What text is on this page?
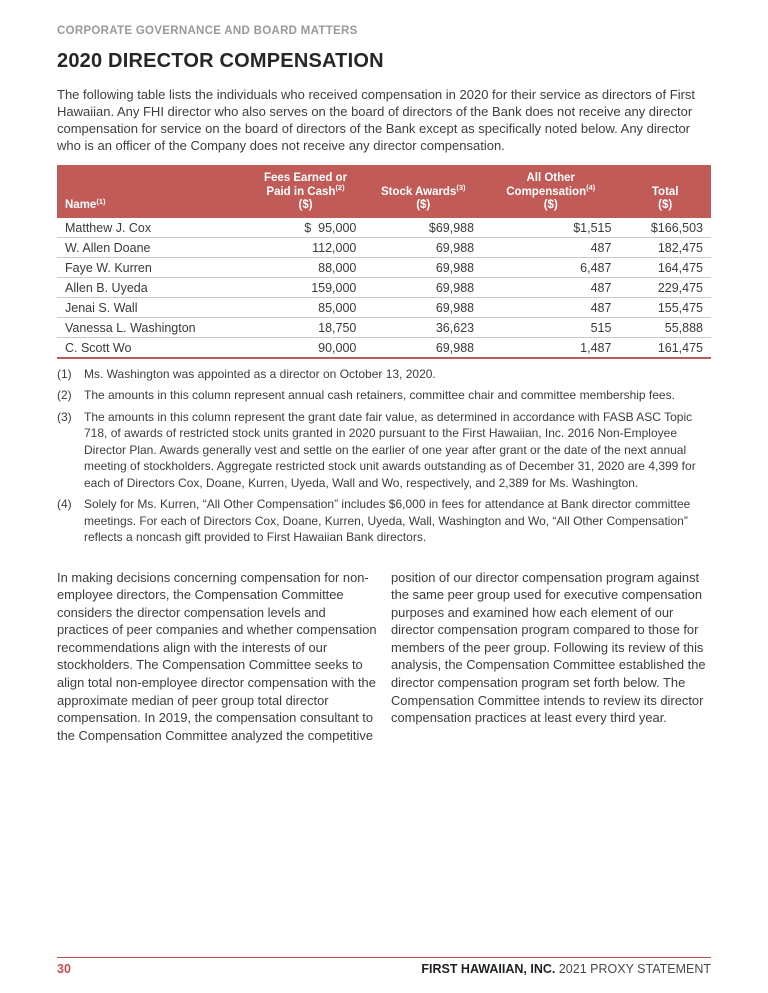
CORPORATE GOVERNANCE AND BOARD MATTERS
2020 DIRECTOR COMPENSATION

The following table lists the individuals who received compensation in 2020 for their service as directors of First Hawaiian. Any FHI director who also serves on the board of directors of the Bank does not receive any director compensation for service on the board of directors of the Bank except as specifically noted below. Any director who is an officer of the Company does not receive any director compensation.

Name$^{(1)}$	
Fees Earned or
Paid in Cash$^{(2)}$
($)

Stock Awards$^{(3)}$
($)

All Other
Compensation$^{(4)}$
($)

Total
($)

Matthew J. Cox	$  95,000	$69,988	$1,515	$166,503
W. Allen Doane	112,000	69,988	487	182,475
Faye W. Kurren	88,000	69,988	6,487	164,475
Allen B. Uyeda	159,000	69,988	487	229,475
Jenai S. Wall	85,000	69,988	487	155,475
Vanessa L. Washington	18,750	36,623	515	55,888
C. Scott Wo	90,000	69,988	1,487	161,475
(1)	Ms. Washington was appointed as a director on October 13, 2020.
(2)	The amounts in this column represent annual cash retainers, committee chair and committee membership fees.
(3)	The amounts in this column represent the grant date fair value, as determined in accordance with FASB ASC Topic 718, of awards of restricted stock units granted in 2020 pursuant to the First Hawaiian, Inc. 2016 Non-Employee Director Plan. Awards generally vest and settle on the earlier of one year after grant or the date of the next annual meeting of stockholders. Aggregate restricted stock unit awards outstanding as of December 31, 2020 are 4,399 for each of Directors Cox, Doane, Kurren, Uyeda, Wall and Wo, respectively, and 2,389 for Ms. Washington.
(4)	Solely for Ms. Kurren, “All Other Compensation” includes $6,000 in fees for attendance at Bank director committee meetings. For each of Directors Cox, Doane, Kurren, Uyeda, Wall, Washington and Wo, “All Other Compensation” reflects a noncash gift provided to First Hawaiian Bank directors.

In making decisions concerning compensation for non-employee directors, the Compensation Committee considers the director compensation levels and practices of peer companies and whether compensation recommendations align with the interests of our stockholders. The Compensation Committee seeks to align total non-employee director compensation with the approximate median of peer group total director compensation. In 2019, the compensation consultant to the Compensation Committee analyzed the competitive

position of our director compensation program against the same peer group used for executive compensation purposes and examined how each element of our director compensation program compared to those for members of the peer group. Following its review of this analysis, the Compensation Committee established the director compensation program set forth below. The Compensation Committee intends to review its director compensation practices at least every third year.

30	FIRST HAWAIIAN, INC. 2021 PROXY STATEMENT
